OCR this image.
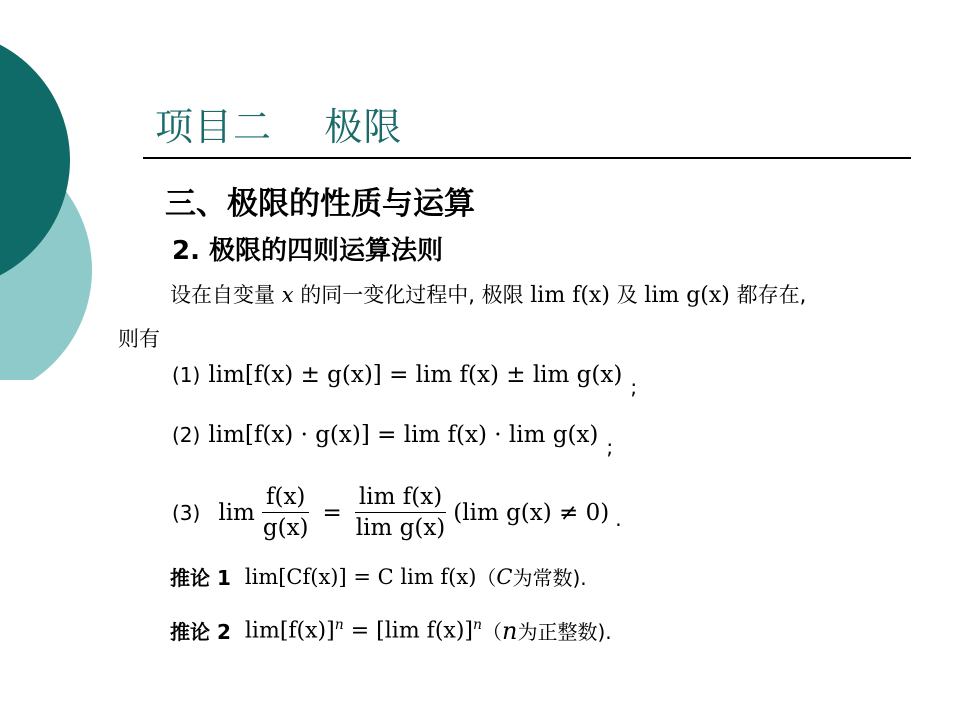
项目二    极限
三、极限的性质与运算
2. 极限的四则运算法则
设在自变量 x 的同一变化过程中, 极限 lim f(x) 及 lim g(x) 都存在,
则有
(1) lim[f(x) ± g(x)] = lim f(x) ± lim g(x) ;
(2) lim[f(x) · g(x)] = lim f(x) · lim g(x) ;
(3) $\lim \frac{f(x)}{g(x)} = \frac{\text{lim f(x)}}{\text{lim g(x)}} (\lim$ g(x) ≠ 0) .
推论 1 lim[Cf(x)] = C lim f(x) （ C 为常数).
推论 2 $\lim[f(x)]^n = [\lim$ f(x)]$^n$ （ n 为正整数).
